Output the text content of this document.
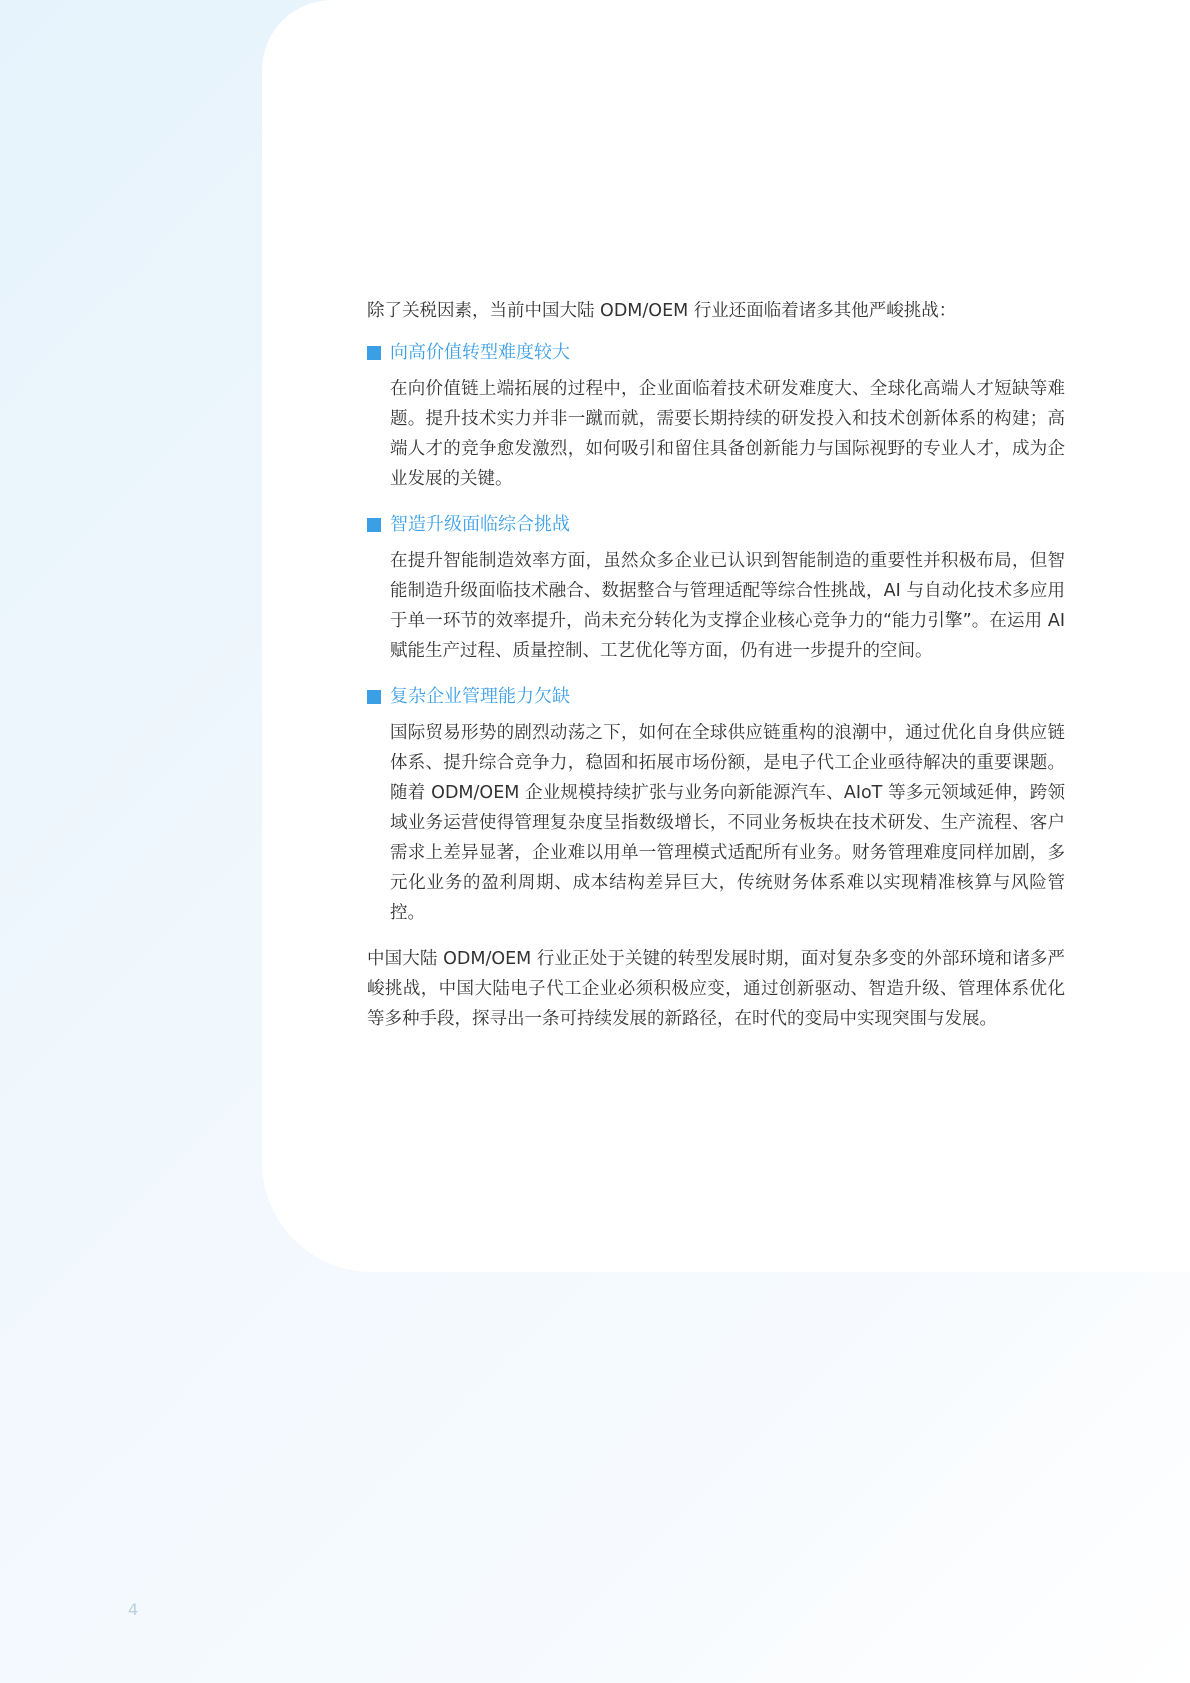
除了关税因素，当前中国大陆 ODM/OEM 行业还面临着诸多其他严峻挑战：

向高价值转型难度较大

在向价值链上端拓展的过程中，企业面临着技术研发难度大、全球化高端人才短缺等难题。提升技术实力并非一蹴而就，需要长期持续的研发投入和技术创新体系的构建；高端人才的竞争愈发激烈，如何吸引和留住具备创新能力与国际视野的专业人才，成为企业发展的关键。

智造升级面临综合挑战

在提升智能制造效率方面，虽然众多企业已认识到智能制造的重要性并积极布局，但智能制造升级面临技术融合、数据整合与管理适配等综合性挑战，AI 与自动化技术多应用于单一环节的效率提升，尚未充分转化为支撑企业核心竞争力的“能力引擎”。在运用 AI 赋能生产过程、质量控制、工艺优化等方面，仍有进一步提升的空间。

复杂企业管理能力欠缺

国际贸易形势的剧烈动荡之下，如何在全球供应链重构的浪潮中，通过优化自身供应链体系、提升综合竞争力，稳固和拓展市场份额，是电子代工企业亟待解决的重要课题。随着 ODM/OEM 企业规模持续扩张与业务向新能源汽车、AIoT 等多元领域延伸，跨领域业务运营使得管理复杂度呈指数级增长，不同业务板块在技术研发、生产流程、客户需求上差异显著，企业难以用单一管理模式适配所有业务。财务管理难度同样加剧，多元化业务的盈利周期、成本结构差异巨大，传统财务体系难以实现精准核算与风险管控。

中国大陆 ODM/OEM 行业正处于关键的转型发展时期，面对复杂多变的外部环境和诸多严峻挑战，中国大陆电子代工企业必须积极应变，通过创新驱动、智造升级、管理体系优化等多种手段，探寻出一条可持续发展的新路径，在时代的变局中实现突围与发展。

4
